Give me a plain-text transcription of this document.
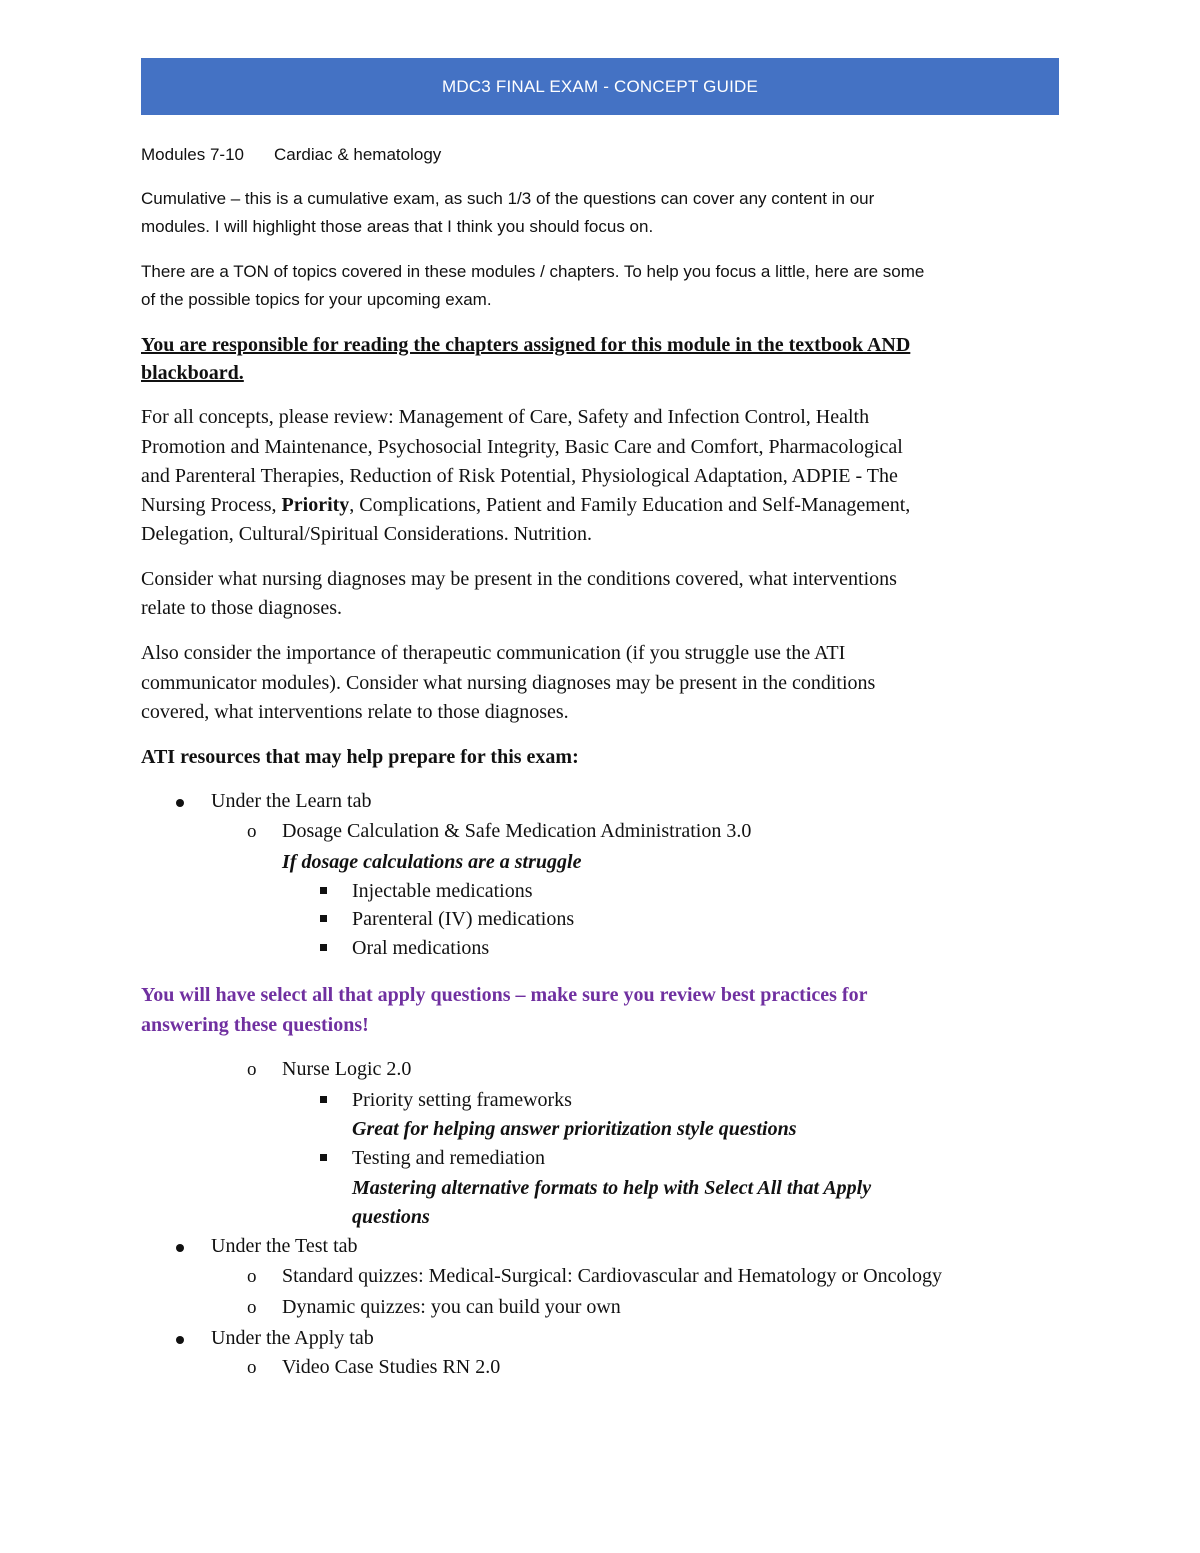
MDC3 FINAL EXAM - CONCEPT GUIDE
Modules 7-10 Cardiac & hematology
Cumulative – this is a cumulative exam, as such 1/3 of the questions can cover any content in our
modules. I will highlight those areas that I think you should focus on.
There are a TON of topics covered in these modules / chapters. To help you focus a little, here are some
of the possible topics for your upcoming exam.
You are responsible for reading the chapters assigned for this module in the textbook AND
blackboard.
For all concepts, please review: Management of Care, Safety and Infection Control, Health
Promotion and Maintenance, Psychosocial Integrity, Basic Care and Comfort, Pharmacological
and Parenteral Therapies, Reduction of Risk Potential, Physiological Adaptation, ADPIE - The
Nursing Process, Priority, Complications, Patient and Family Education and Self-Management,
Delegation, Cultural/Spiritual Considerations. Nutrition.
Consider what nursing diagnoses may be present in the conditions covered, what interventions
relate to those diagnoses.
Also consider the importance of therapeutic communication (if you struggle use the ATI
communicator modules). Consider what nursing diagnoses may be present in the conditions
covered, what interventions relate to those diagnoses.
ATI resources that may help prepare for this exam:
Under the Learn tab
o Dosage Calculation & Safe Medication Administration 3.0
If dosage calculations are a struggle
Injectable medications
Parenteral (IV) medications
Oral medications
You will have select all that apply questions – make sure you review best practices for
answering these questions!
o Nurse Logic 2.0
Priority setting frameworks
Great for helping answer prioritization style questions
Testing and remediation
Mastering alternative formats to help with Select All that Apply
questions
Under the Test tab
o Standard quizzes: Medical-Surgical: Cardiovascular and Hematology or Oncology
o Dynamic quizzes: you can build your own
Under the Apply tab
o Video Case Studies RN 2.0
